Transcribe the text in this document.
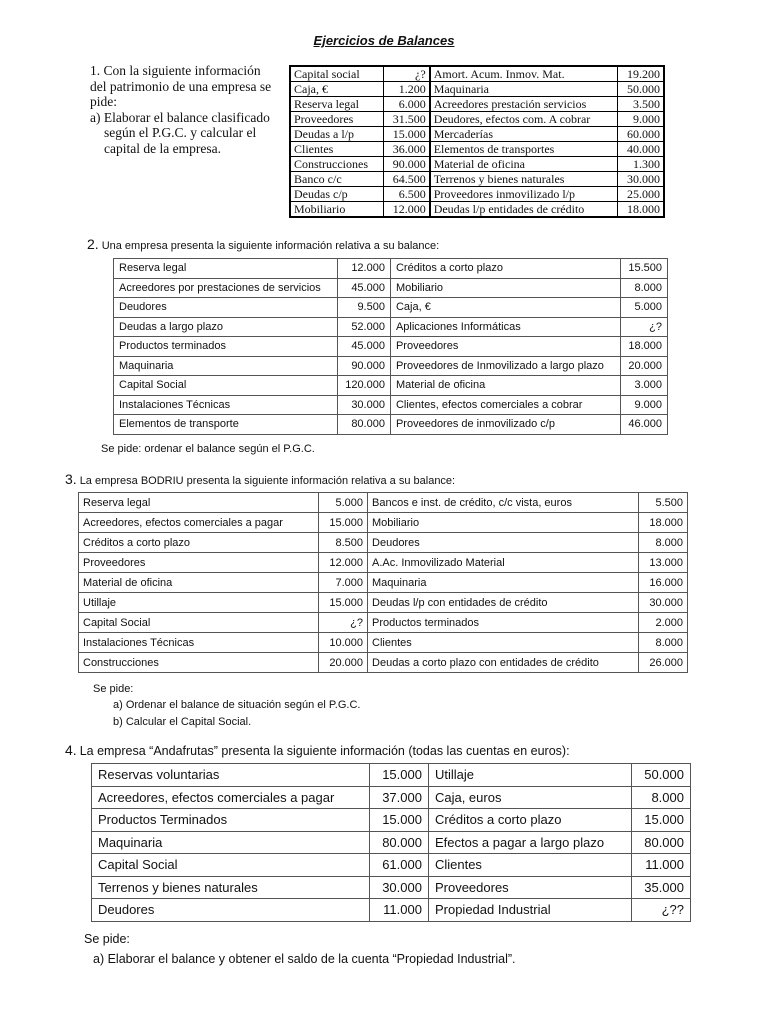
Ejercicios de Balances
1. Con la siguiente información
del patrimonio de una empresa se
pide:
a) Elaborar el balance clasificado
según el P.G.C. y calcular el
capital de la empresa.
Capital social	¿?	Amort. Acum. Inmov. Mat.	19.200
Caja, €	1.200	Maquinaria	50.000
Reserva legal	6.000	Acreedores prestación servicios	3.500
Proveedores	31.500	Deudores, efectos com. A cobrar	9.000
Deudas a l/p	15.000	Mercaderías	60.000
Clientes	36.000	Elementos de transportes	40.000
Construcciones	90.000	Material de oficina	1.300
Banco c/c	64.500	Terrenos y bienes naturales	30.000
Deudas c/p	6.500	Proveedores inmovilizado l/p	25.000
Mobiliario	12.000	Deudas l/p entidades de crédito	18.000
2. Una empresa presenta la siguiente información relativa a su balance:
Reserva legal	12.000	Créditos a corto plazo	15.500
Acreedores por prestaciones de servicios	45.000	Mobiliario	8.000
Deudores	9.500	Caja, €	5.000
Deudas a largo plazo	52.000	Aplicaciones Informáticas	¿?
Productos terminados	45.000	Proveedores	18.000
Maquinaria	90.000	Proveedores de Inmovilizado a largo plazo	20.000
Capital Social	120.000	Material de oficina	3.000
Instalaciones Técnicas	30.000	Clientes, efectos comerciales a cobrar	9.000
Elementos de transporte	80.000	Proveedores de inmovilizado c/p	46.000
Se pide: ordenar el balance según el P.G.C.
3. La empresa BODRIU presenta la siguiente información relativa a su balance:
Reserva legal	5.000	Bancos e inst. de crédito, c/c vista, euros	5.500
Acreedores, efectos comerciales a pagar	15.000	Mobiliario	18.000
Créditos a corto plazo	8.500	Deudores	8.000
Proveedores	12.000	A.Ac. Inmovilizado Material	13.000
Material de oficina	7.000	Maquinaria	16.000
Utillaje	15.000	Deudas l/p con entidades de crédito	30.000
Capital Social	¿?	Productos terminados	2.000
Instalaciones Técnicas	10.000	Clientes	8.000
Construcciones	20.000	Deudas a corto plazo con entidades de crédito	26.000
Se pide:
a) Ordenar el balance de situación según el P.G.C.
b) Calcular el Capital Social.
4. La empresa “Andafrutas” presenta la siguiente información (todas las cuentas en euros):
Reservas voluntarias	15.000	Utillaje	50.000
Acreedores, efectos comerciales a pagar	37.000	Caja, euros	8.000
Productos Terminados	15.000	Créditos a corto plazo	15.000
Maquinaria	80.000	Efectos a pagar a largo plazo	80.000
Capital Social	61.000	Clientes	11.000
Terrenos y bienes naturales	30.000	Proveedores	35.000
Deudores	11.000	Propiedad Industrial	¿??
Se pide:
a) Elaborar el balance y obtener el saldo de la cuenta “Propiedad Industrial”.
